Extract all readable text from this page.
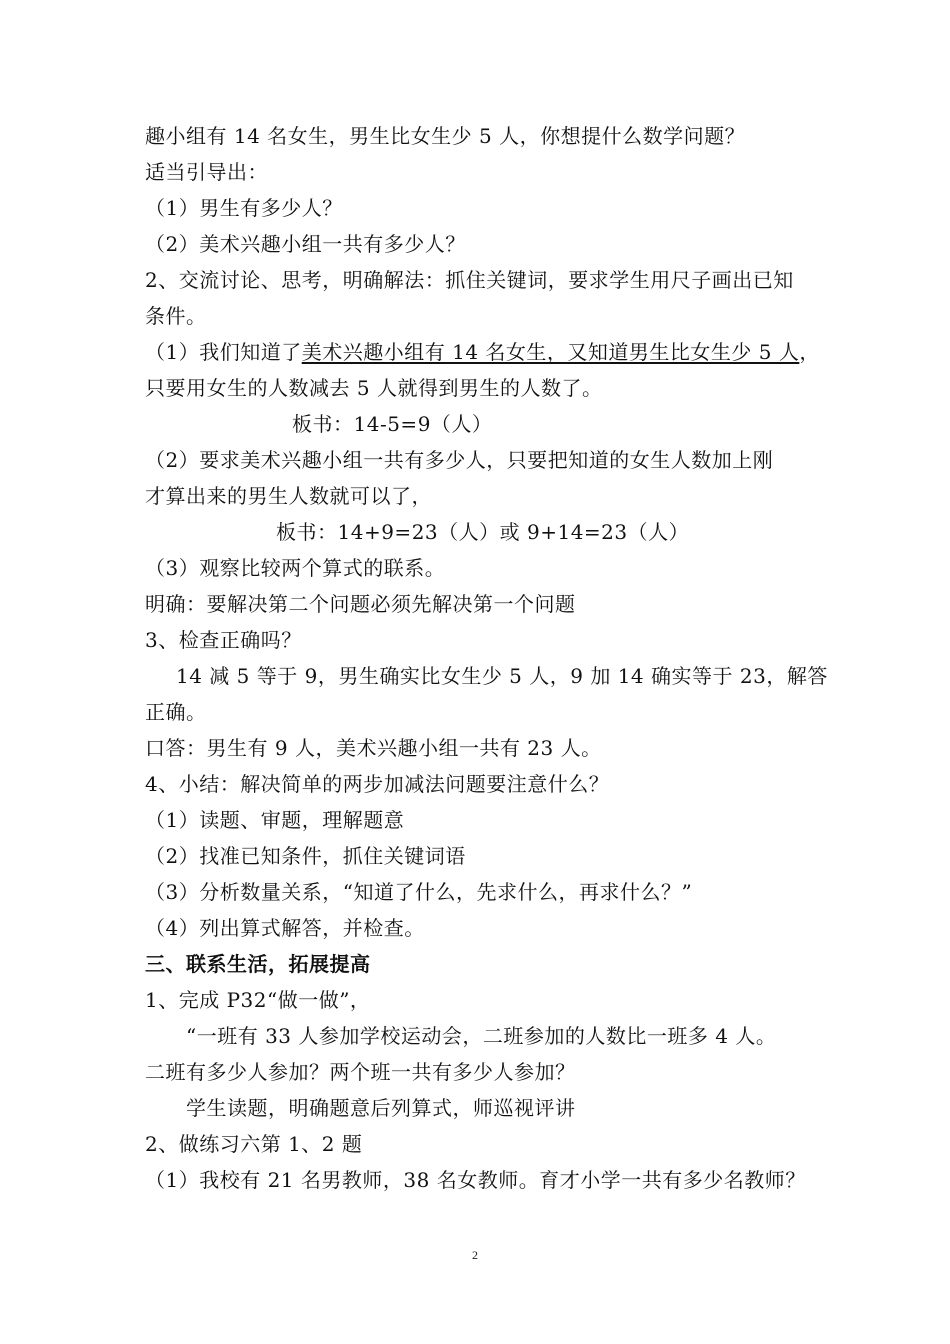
趣小组有 14 名女生，男生比女生少 5 人，你想提什么数学问题？
适当引导出：
（1）男生有多少人？
（2）美术兴趣小组一共有多少人？
2、交流讨论、思考，明确解法：抓住关键词，要求学生用尺子画出已知
条件。
（1）我们知道了美术兴趣小组有 14 名女生，又知道男生比女生少 5 人，
只要用女生的人数减去 5 人就得到男生的人数了。
板书：14-5=9（人）
（2）要求美术兴趣小组一共有多少人，只要把知道的女生人数加上刚
才算出来的男生人数就可以了，
板书：14+9=23（人）或 9+14=23（人）
（3）观察比较两个算式的联系。
明确：要解决第二个问题必须先解决第一个问题
3、检查正确吗？
14 减 5 等于 9，男生确实比女生少 5 人，9 加 14 确实等于 23，解答
正确。
口答：男生有 9 人，美术兴趣小组一共有 23 人。
4、小结：解决简单的两步加减法问题要注意什么？
（1）读题、审题，理解题意
（2）找准已知条件，抓住关键词语
（3）分析数量关系，“知道了什么，先求什么，再求什么？”
（4）列出算式解答，并检查。
三、联系生活，拓展提高
1、完成 P32“做一做”，
“一班有 33 人参加学校运动会，二班参加的人数比一班多 4 人。
二班有多少人参加？两个班一共有多少人参加？
学生读题，明确题意后列算式，师巡视评讲
2、做练习六第 1、2 题
（1）我校有 21 名男教师，38 名女教师。育才小学一共有多少名教师？
2
